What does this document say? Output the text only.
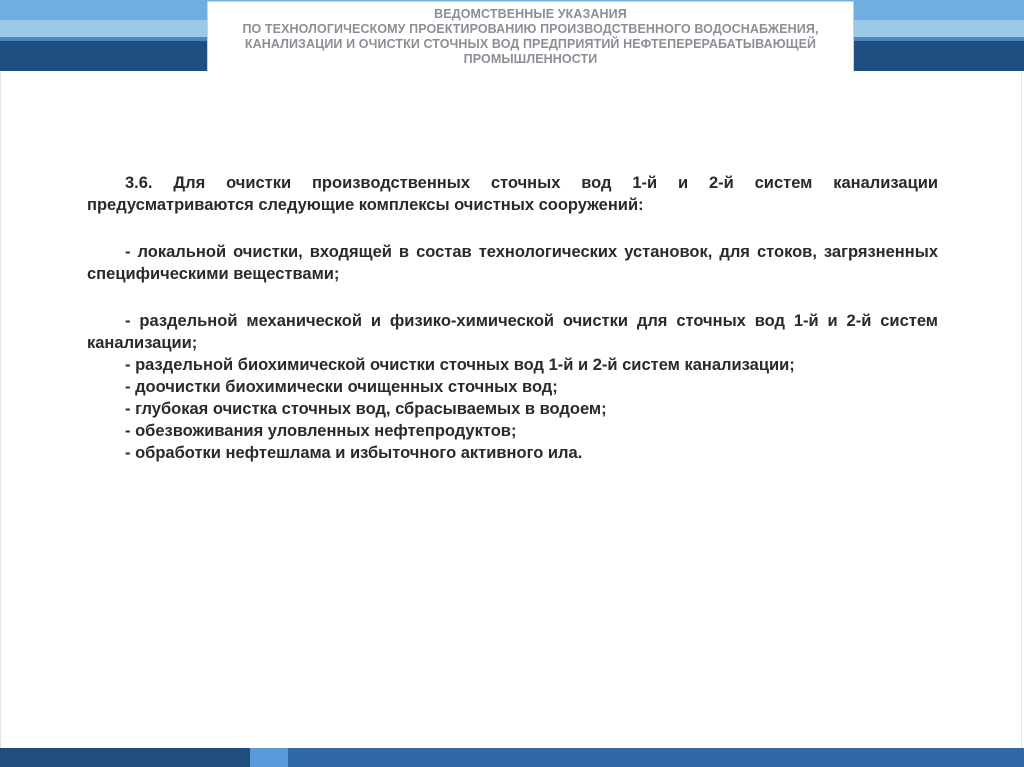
ВЕДОМСТВЕННЫЕ УКАЗАНИЯ
ПО ТЕХНОЛОГИЧЕСКОМУ ПРОЕКТИРОВАНИЮ ПРОИЗВОДСТВЕННОГО ВОДОСНАБЖЕНИЯ,
КАНАЛИЗАЦИИ И ОЧИСТКИ СТОЧНЫХ ВОД ПРЕДПРИЯТИЙ НЕФТЕПЕРЕРАБАТЫВАЮЩЕЙ
ПРОМЫШЛЕННОСТИ

3.6. Для очистки производственных сточных вод 1-й и 2-й систем канализации предусматриваются следующие комплексы очистных сооружений:

- локальной очистки, входящей в состав технологических установок, для стоков, загрязненных специфическими веществами;

- раздельной механической и физико-химической очистки для сточных вод 1-й и 2-й систем канализации;

- раздельной биохимической очистки сточных вод 1-й и 2-й систем канализации;

- доочистки биохимически очищенных сточных вод;

- глубокая очистка сточных вод, сбрасываемых в водоем;

- обезвоживания уловленных нефтепродуктов;

- обработки нефтешлама и избыточного активного ила.
